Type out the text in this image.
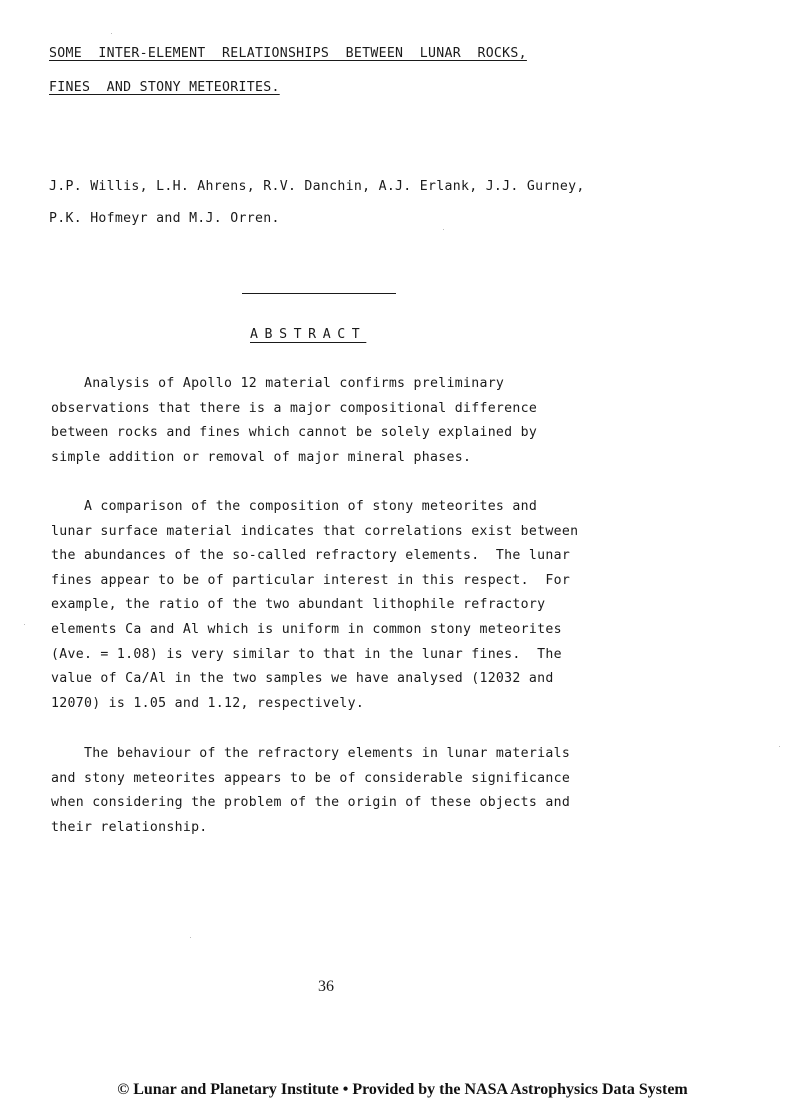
SOME  INTER-ELEMENT  RELATIONSHIPS  BETWEEN  LUNAR  ROCKS,
FINES  AND STONY METEORITES.
J.P. Willis, L.H. Ahrens, R.V. Danchin, A.J. Erlank, J.J. Gurney,
P.K. Hofmeyr and M.J. Orren.
ABSTRACT
Analysis of Apollo 12 material confirms preliminary
observations that there is a major compositional difference
between rocks and fines which cannot be solely explained by
simple addition or removal of major mineral phases.
A comparison of the composition of stony meteorites and
lunar surface material indicates that correlations exist between
the abundances of the so-called refractory elements.  The lunar
fines appear to be of particular interest in this respect.  For
example, the ratio of the two abundant lithophile refractory
elements Ca and Al which is uniform in common stony meteorites
(Ave. = 1.08) is very similar to that in the lunar fines.  The
value of Ca/Al in the two samples we have analysed (12032 and
12070) is 1.05 and 1.12, respectively.
The behaviour of the refractory elements in lunar materials
and stony meteorites appears to be of considerable significance
when considering the problem of the origin of these objects and
their relationship.
36
© Lunar and Planetary Institute • Provided by the NASA Astrophysics Data System
